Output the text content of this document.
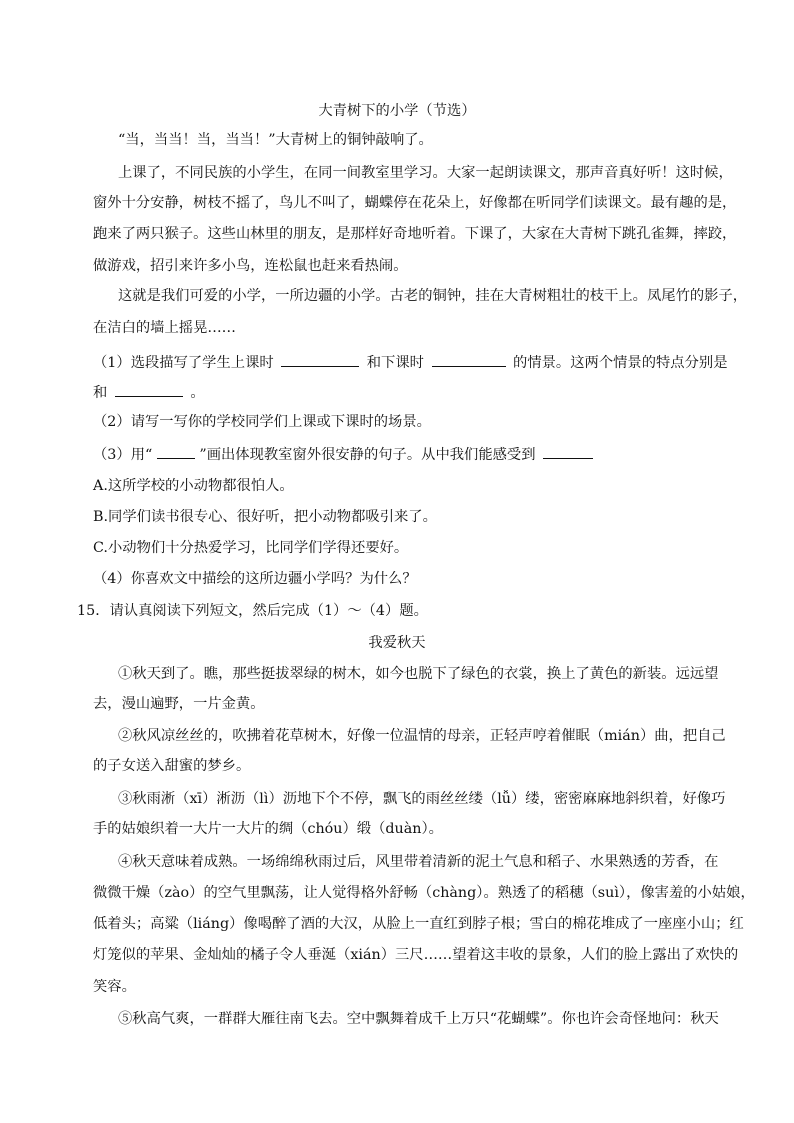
大青树下的小学（节选）
“当，当当！当，当当！”大青树上的铜钟敲响了。
上课了，不同民族的小学生，在同一间教室里学习。大家一起朗读课文，那声音真好听！这时候，
窗外十分安静，树枝不摇了，鸟儿不叫了，蝴蝶停在花朵上，好像都在听同学们读课文。最有趣的是，
跑来了两只猴子。这些山林里的朋友，是那样好奇地听着。下课了，大家在大青树下跳孔雀舞，摔跤，
做游戏，招引来许多小鸟，连松鼠也赶来看热闹。
这就是我们可爱的小学，一所边疆的小学。古老的铜钟，挂在大青树粗壮的枝干上。凤尾竹的影子，
在洁白的墙上摇晃……
（1）选段描写了学生上课时	和下课时	的情景。这两个情景的特点分别是
和	。
（2）请写一写你的学校同学们上课或下课时的场景。
（3）用“	”画出体现教室窗外很安静的句子。从中我们能感受到
A.这所学校的小动物都很怕人。
B.同学们读书很专心、很好听，把小动物都吸引来了。
C.小动物们十分热爱学习，比同学们学得还要好。
（4）你喜欢文中描绘的这所边疆小学吗？为什么？
15．请认真阅读下列短文，然后完成（1）～（4）题。
我爱秋天
①秋天到了。瞧，那些挺拔翠绿的树木，如今也脱下了绿色的衣裳，换上了黄色的新装。远远望
去，漫山遍野，一片金黄。
②秋风凉丝丝的，吹拂着花草树木，好像一位温情的母亲，正轻声哼着催眠（mián）曲，把自己
的子女送入甜蜜的梦乡。
③秋雨淅（xī）淅沥（lì）沥地下个不停，飘飞的雨丝丝缕（lǚ）缕，密密麻麻地斜织着，好像巧
手的姑娘织着一大片一大片的绸（chóu）缎（duàn）。
④秋天意味着成熟。一场绵绵秋雨过后，风里带着清新的泥土气息和稻子、水果熟透的芳香，在
微微干燥（zào）的空气里飘荡，让人觉得格外舒畅（chàng）。熟透了的稻穗（suì），像害羞的小姑娘，
低着头；高粱（liáng）像喝醉了酒的大汉，从脸上一直红到脖子根；雪白的棉花堆成了一座座小山；红
灯笼似的苹果、金灿灿的橘子令人垂涎（xián）三尺……望着这丰收的景象，人们的脸上露出了欢快的
笑容。
⑤秋高气爽，一群群大雁往南飞去。空中飘舞着成千上万只“花蝴蝶”。你也许会奇怪地问：秋天
